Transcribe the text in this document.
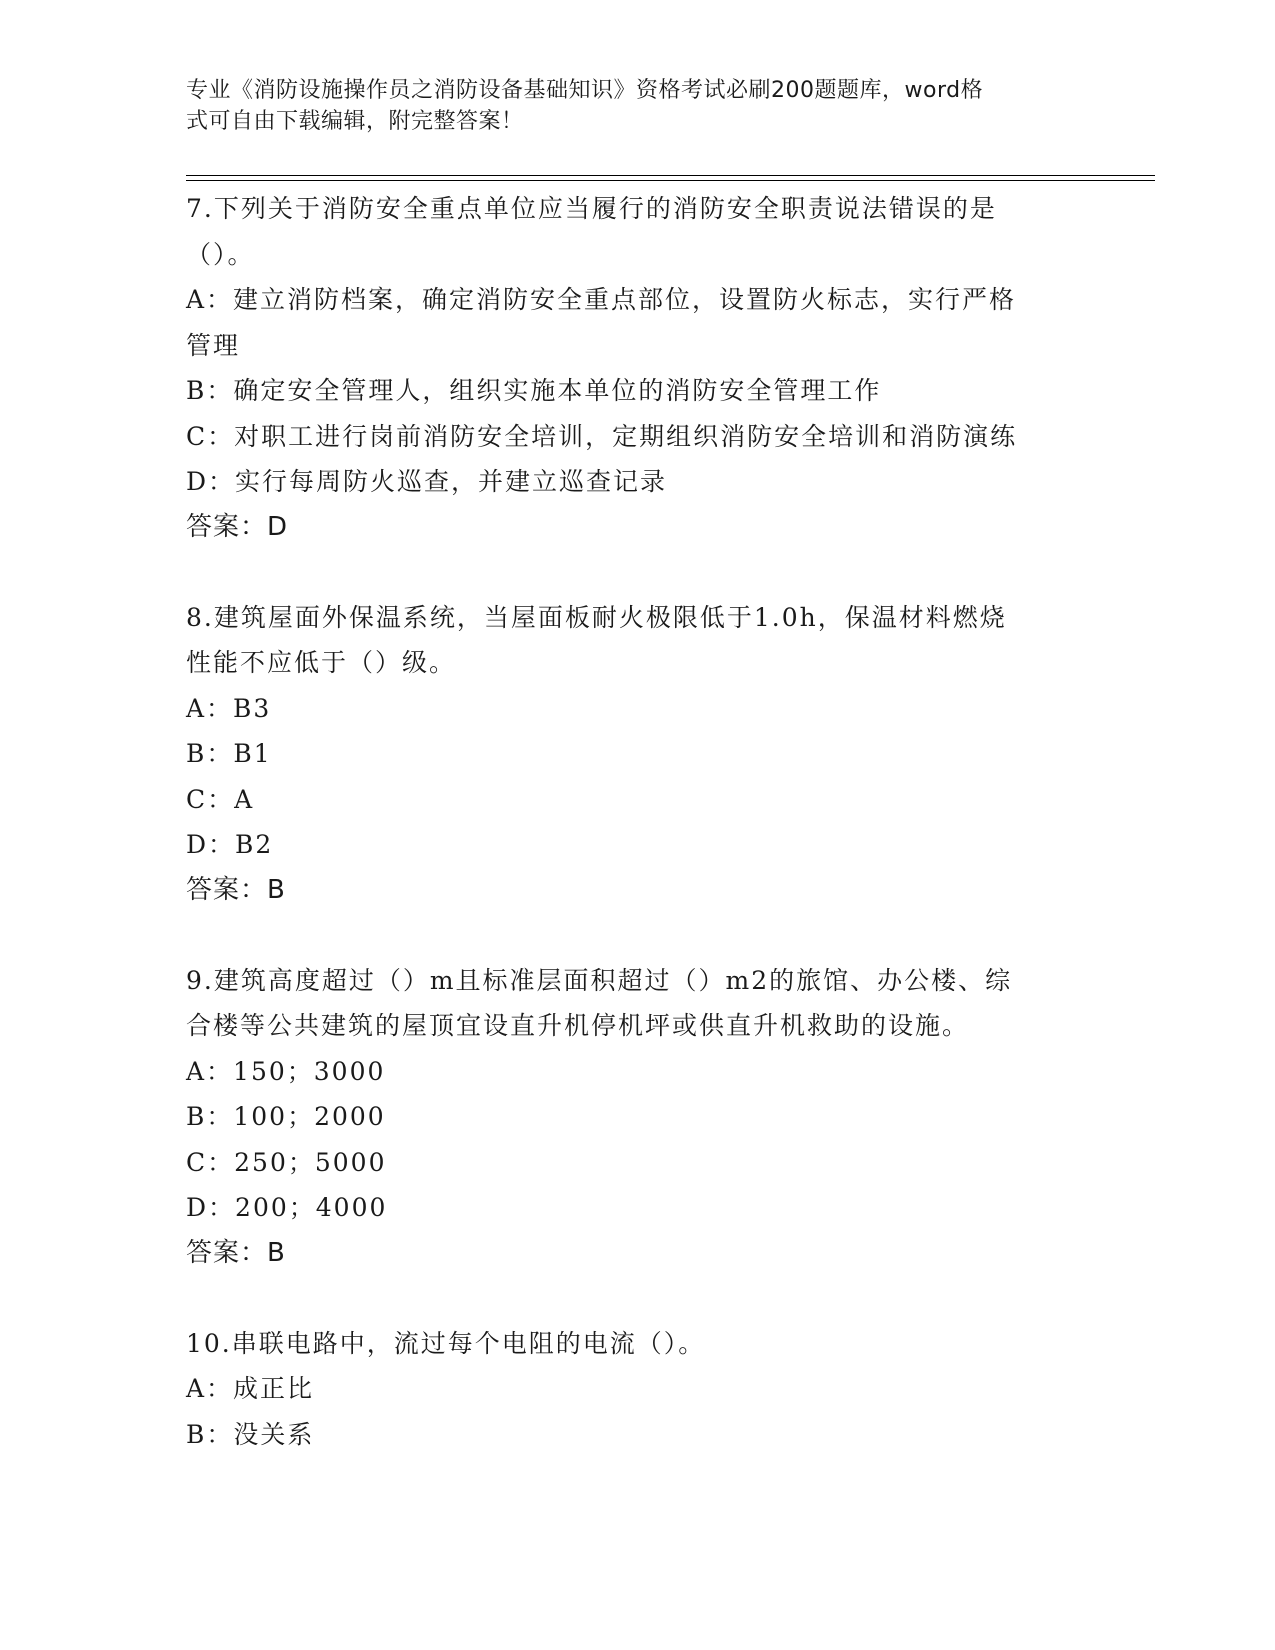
专业《消防设施操作员之消防设备基础知识》资格考试必刷200题题库，word格
式可自由下载编辑，附完整答案！
7.下列关于消防安全重点单位应当履行的消防安全职责说法错误的是
（）。
A：建立消防档案，确定消防安全重点部位，设置防火标志，实行严格
管理
B：确定安全管理人，组织实施本单位的消防安全管理工作
C：对职工进行岗前消防安全培训，定期组织消防安全培训和消防演练
D：实行每周防火巡查，并建立巡查记录
答案：D
8.建筑屋面外保温系统，当屋面板耐火极限低于1.0h，保温材料燃烧
性能不应低于（）级。
A：B3
B：B1
C：A
D：B2
答案：B
9.建筑高度超过（）m且标准层面积超过（）m2的旅馆、办公楼、综
合楼等公共建筑的屋顶宜设直升机停机坪或供直升机救助的设施。
A：150；3000
B：100；2000
C：250；5000
D：200；4000
答案：B
10.串联电路中，流过每个电阻的电流（）。
A：成正比
B：没关系
